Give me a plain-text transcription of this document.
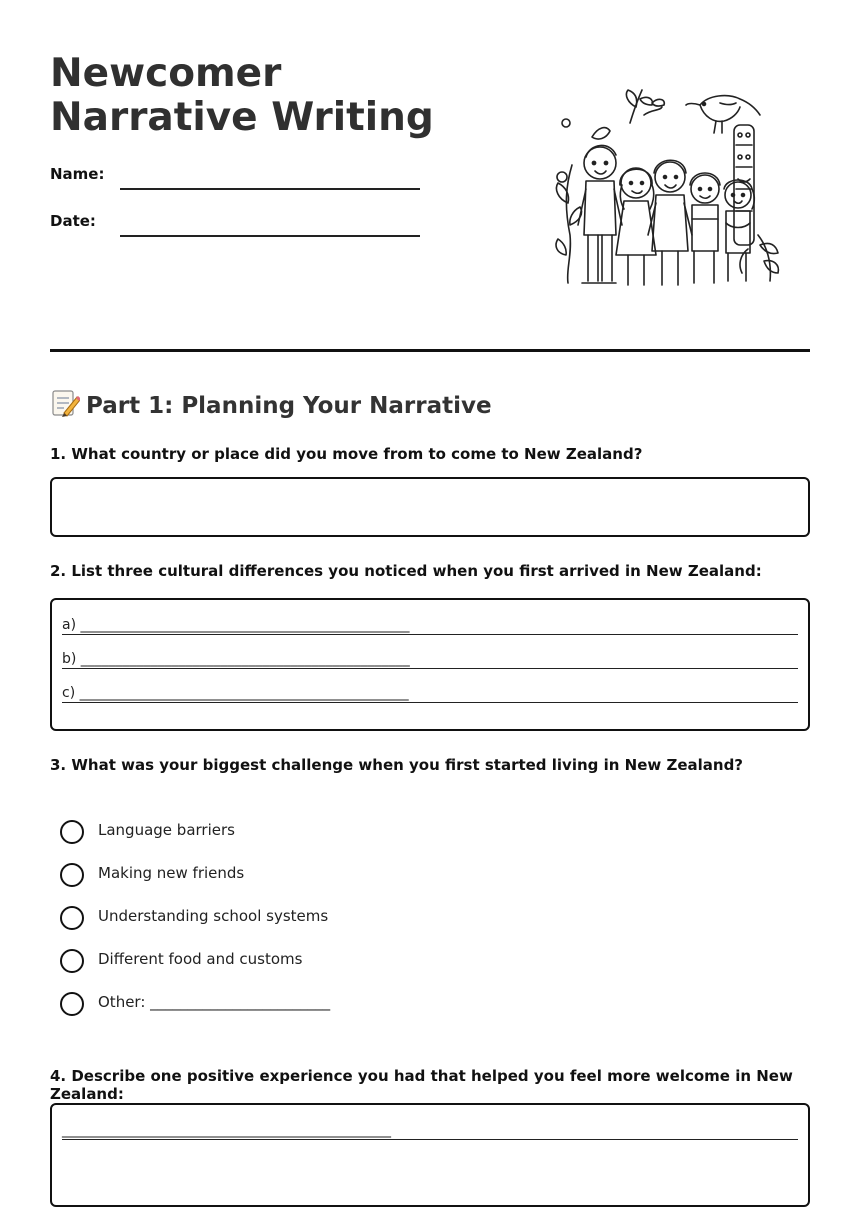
Newcomer Narrative Writing
Name:
Date:
Part 1: Planning Your Narrative

1. What country or place did you move from to come to New Zealand?

2. List three cultural differences you noticed when you first arrived in New Zealand:

a) _______________________________________________
b) _______________________________________________
c) _______________________________________________

3. What was your biggest challenge when you first started living in New Zealand?

Language barriers
Making new friends
Understanding school systems
Different food and customs
Other: ________________________

4. Describe one positive experience you had that helped you feel more welcome in New Zealand:

_______________________________________________
